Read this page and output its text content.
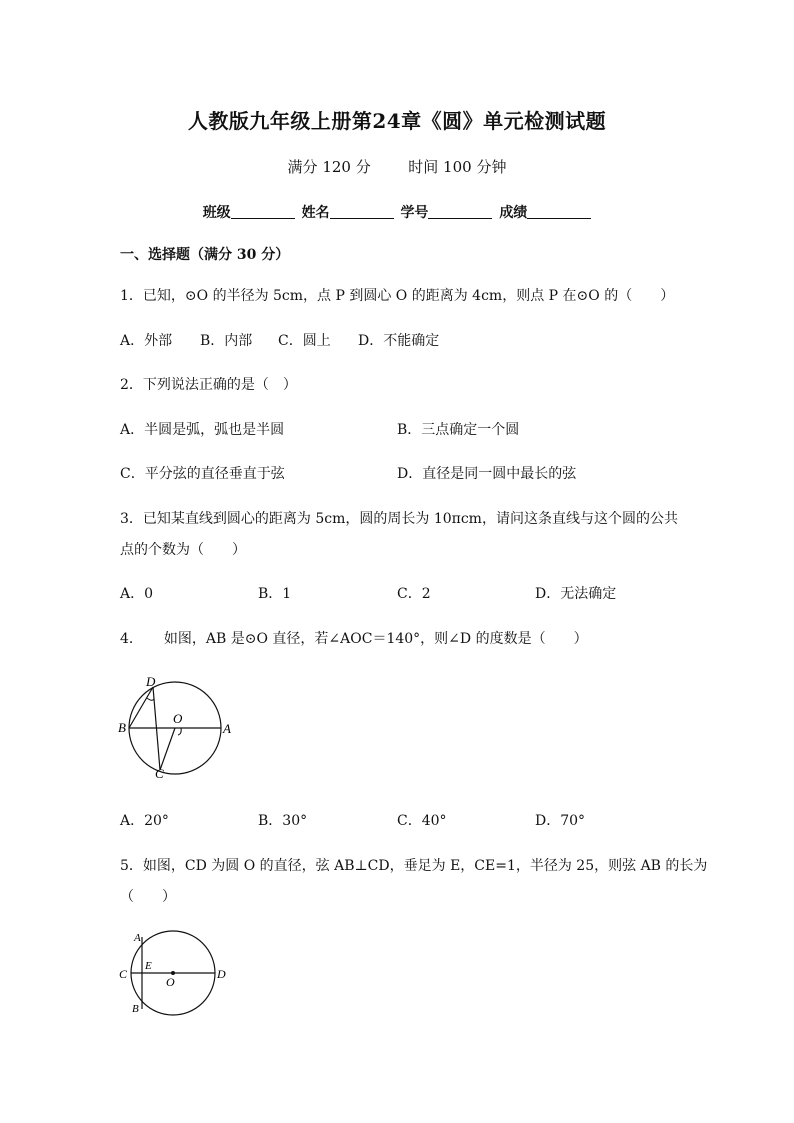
人教版九年级上册第24章《圆》单元检测试题
满分 120 分	时间 100 分钟
班级	姓名	学号	成绩
一、选择题（满分 30 分）
1．已知，⊙O 的半径为 5cm，点 P 到圆心 O 的距离为 4cm，则点 P 在⊙O 的（　　）
A．外部 B．内部 C．圆上 D．不能确定
2．下列说法正确的是（　）
A．半圆是弧，弧也是半圆	B．三点确定一个圆
C．平分弦的直径垂直于弦	D．直径是同一圆中最长的弦
3．已知某直线到圆心的距离为 5cm，圆的周长为 10πcm，请问这条直线与这个圆的公共
点的个数为（　　）
A．0	B．1	C．2	D．无法确定
4．　　如图，AB 是⊙O 直径，若∠AOC＝140°，则∠D 的度数是（　　）
D
B
O
A
C
A．20°	B．30°	C．40°	D．70°
5．如图，CD 为圆 O 的直径，弦 AB⊥CD，垂足为 E，CE=1，半径为 25，则弦 AB 的长为
（　　）
A
C
E
O
D
B
